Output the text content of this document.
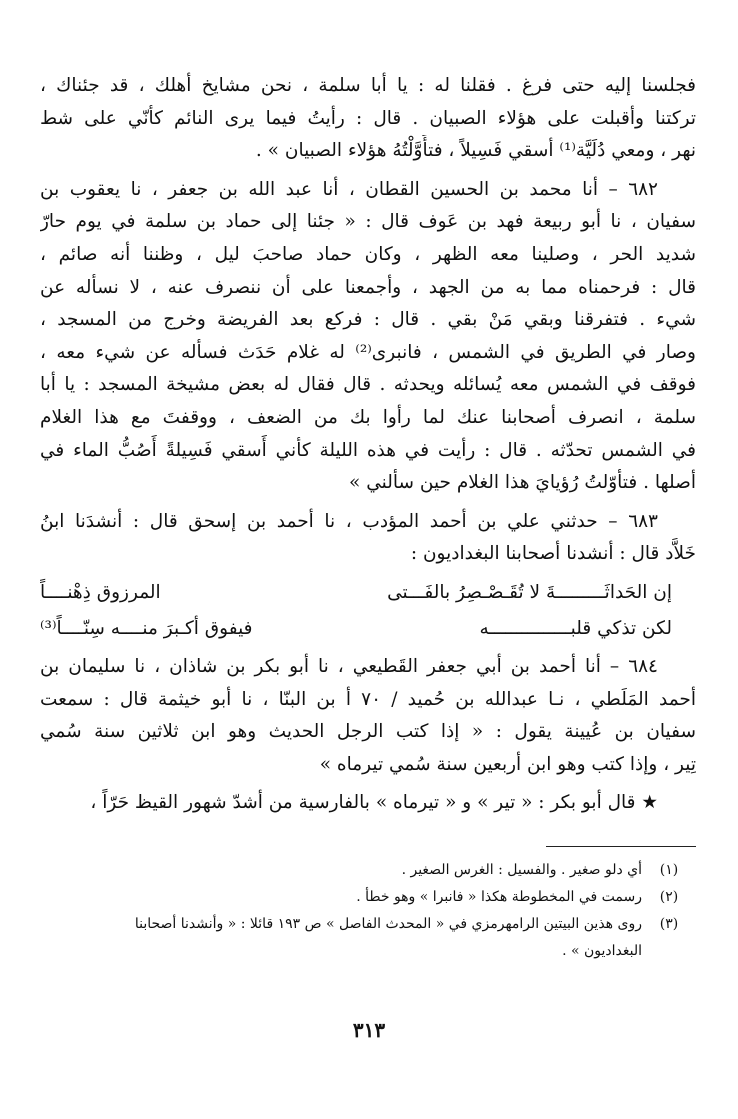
فجلسنا إليه حتى فرغ . فقلنا له : يا أبا سلمة ، نحن مشايخ أهلك ، قد جئناك ،
تركتنا وأقبلت على هؤلاء الصبيان . قال : رأيتُ فيما يرى النائم كأنّي على شط
نهر ، ومعي دُلَيَّة⁽¹⁾ أسقي فَسِيلاً ، فتأَوَّلْتُهُ هؤلاء الصبيان » .
٦٨٢ – أنا محمد بن الحسين القطان ، أنا عبد الله بن جعفر ، نا يعقوب بن
سفيان ، نا أبو ربيعة فهد بن عَوف قال : « جئنا إلى حماد بن سلمة في يوم حارّ
شديد الحر ، وصلينا معه الظهر ، وكان حماد صاحبَ ليل ، وظننا أنه صائم ،
قال : فرحمناه مما به من الجهد ، وأجمعنا على أن ننصرف عنه ، لا نسأله عن
شيء . فتفرقنا وبقي مَنْ بقي . قال : فركع بعد الفريضة وخرج من المسجد ،
وصار في الطريق في الشمس ، فانبرى⁽²⁾ له غلام حَدَث فسأله عن شيء معه ،
فوقف في الشمس معه يُسائله ويحدثه . قال فقال له بعض مشيخة المسجد : يا أبا
سلمة ، انصرف أصحابنا عنك لما رأوا بك من الضعف ، ووقفتَ مع هذا الغلام
في الشمس تحدّثه . قال : رأيت في هذه الليلة كأني أَسقي فَسِيلةً أَصُبُّ الماء في
أصلها . فتأوّلتُ رُؤيايَ هذا الغلام حين سألني »
٦٨٣ – حدثني علي بن أحمد المؤدب ، نا أحمد بن إسحق قال : أنشدَنا ابنُ
خَلاَّد قال : أنشدنا أصحابنا البغداديون :
إن الحَداثَـــــــــةَ لا تُقَـصْـصِرُ بالفَـــتى
المرزوق ذِهْنــــاً
لكن تذكي قلبـــــــــــــــه
فيفوق أكـبرَ منــــه سِنّــــاً⁽³⁾
٦٨٤ – أنا أحمد بن أبي جعفر القَطيعي ، نا أبو بكر بن شاذان ، نا سليمان بن
أحمد المَلَطي ، نـا عبدالله بن حُميد / ٧٠ أ بن البنّا ، نا أبو خيثمة قال : سمعت
سفيان بن عُيينة يقول : « إذا كتب الرجل الحديث وهو ابن ثلاثين سنة سُمي
تِير ، وإذا كتب وهو ابن أربعين سنة سُمي تيرماه »
★ قال أبو بكر : « تير » و « تيرماه » بالفارسية من أشدّ شهور القيظ حَرّاً ،
(١)
أي دلو صغير . والفسيل : الغرس الصغير .
(٢)
رسمت في المخطوطة هكذا « فانبرا » وهو خطأ .
(٣)
روى هذين البيتين الرامهرمزي في « المحدث الفاصل » ص ١٩٣ قائلا : « وأنشدنا أصحابنا
البغداديون » .
٣١٣
